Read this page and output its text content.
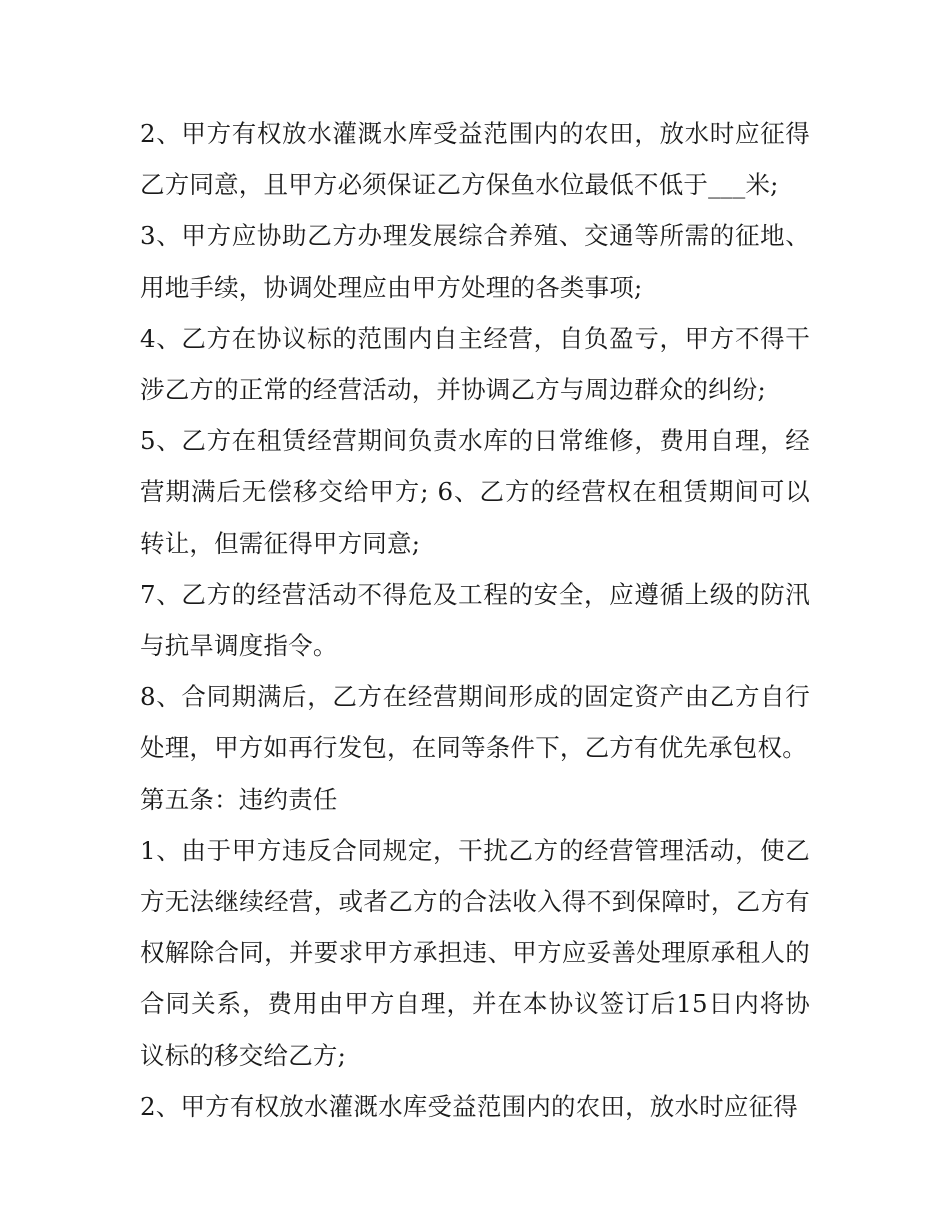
2、甲方有权放水灌溉水库受益范围内的农田，放水时应征得乙方同意，且甲方必须保证乙方保鱼水位最低不低于___米;

3、甲方应协助乙方办理发展综合养殖、交通等所需的征地、用地手续，协调处理应由甲方处理的各类事项;

4、乙方在协议标的范围内自主经营，自负盈亏，甲方不得干涉乙方的正常的经营活动，并协调乙方与周边群众的纠纷;

5、乙方在租赁经营期间负责水库的日常维修，费用自理，经营期满后无偿移交给甲方; 6、乙方的经营权在租赁期间可以转让，但需征得甲方同意;

7、乙方的经营活动不得危及工程的安全，应遵循上级的防汛与抗旱调度指令。

8、合同期满后，乙方在经营期间形成的固定资产由乙方自行处理，甲方如再行发包，在同等条件下，乙方有优先承包权。

第五条：违约责任

1、由于甲方违反合同规定，干扰乙方的经营管理活动，使乙方无法继续经营，或者乙方的合法收入得不到保障时，乙方有权解除合同，并要求甲方承担违、甲方应妥善处理原承租人的合同关系，费用由甲方自理，并在本协议签订后15日内将协议标的移交给乙方;

2、甲方有权放水灌溉水库受益范围内的农田，放水时应征得
